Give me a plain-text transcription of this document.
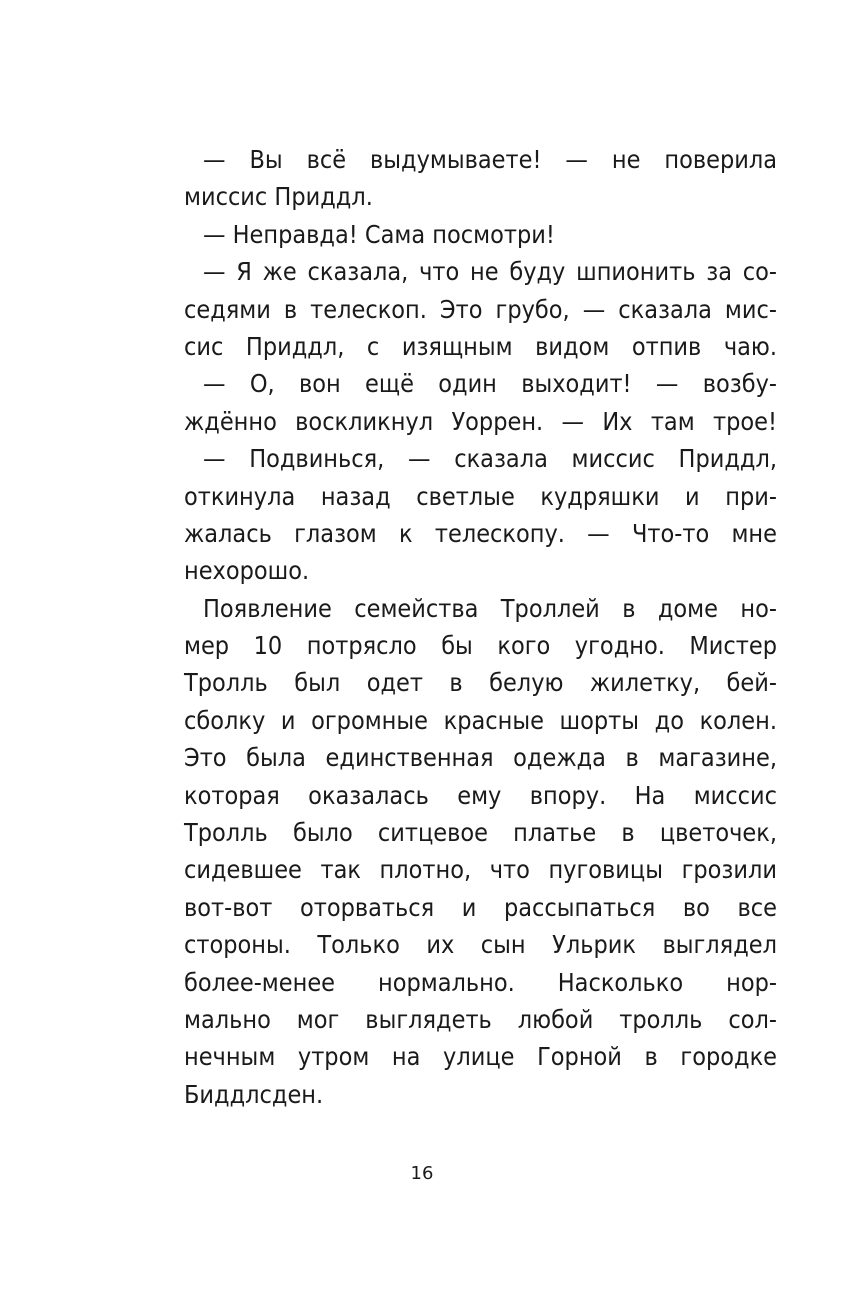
— Вы всё выдумываете! — не поверила
миссис Приддл.
— Неправда! Сама посмотри!
— Я же сказала, что не буду шпионить за со-
седями в телескоп. Это грубо, — сказала мис-
сис Приддл, с изящным видом отпив чаю.
— О, вон ещё один выходит! — возбу-
ждённо воскликнул Уоррен. — Их там трое!
— Подвинься, — сказала миссис Приддл,
откинула назад светлые кудряшки и при-
жалась глазом к телескопу. — Что-то мне
нехорошо.
Появление семейства Троллей в доме но-
мер 10 потрясло бы кого угодно. Мистер
Тролль был одет в белую жилетку, бей-
сболку и огромные красные шорты до колен.
Это была единственная одежда в магазине,
которая оказалась ему впору. На миссис
Тролль было ситцевое платье в цветочек,
сидевшее так плотно, что пуговицы грозили
вот-вот оторваться и рассыпаться во все
стороны. Только их сын Ульрик выглядел
более-менее нормально. Насколько нор-
мально мог выглядеть любой тролль сол-
нечным утром на улице Горной в городке
Биддлсден.
16
